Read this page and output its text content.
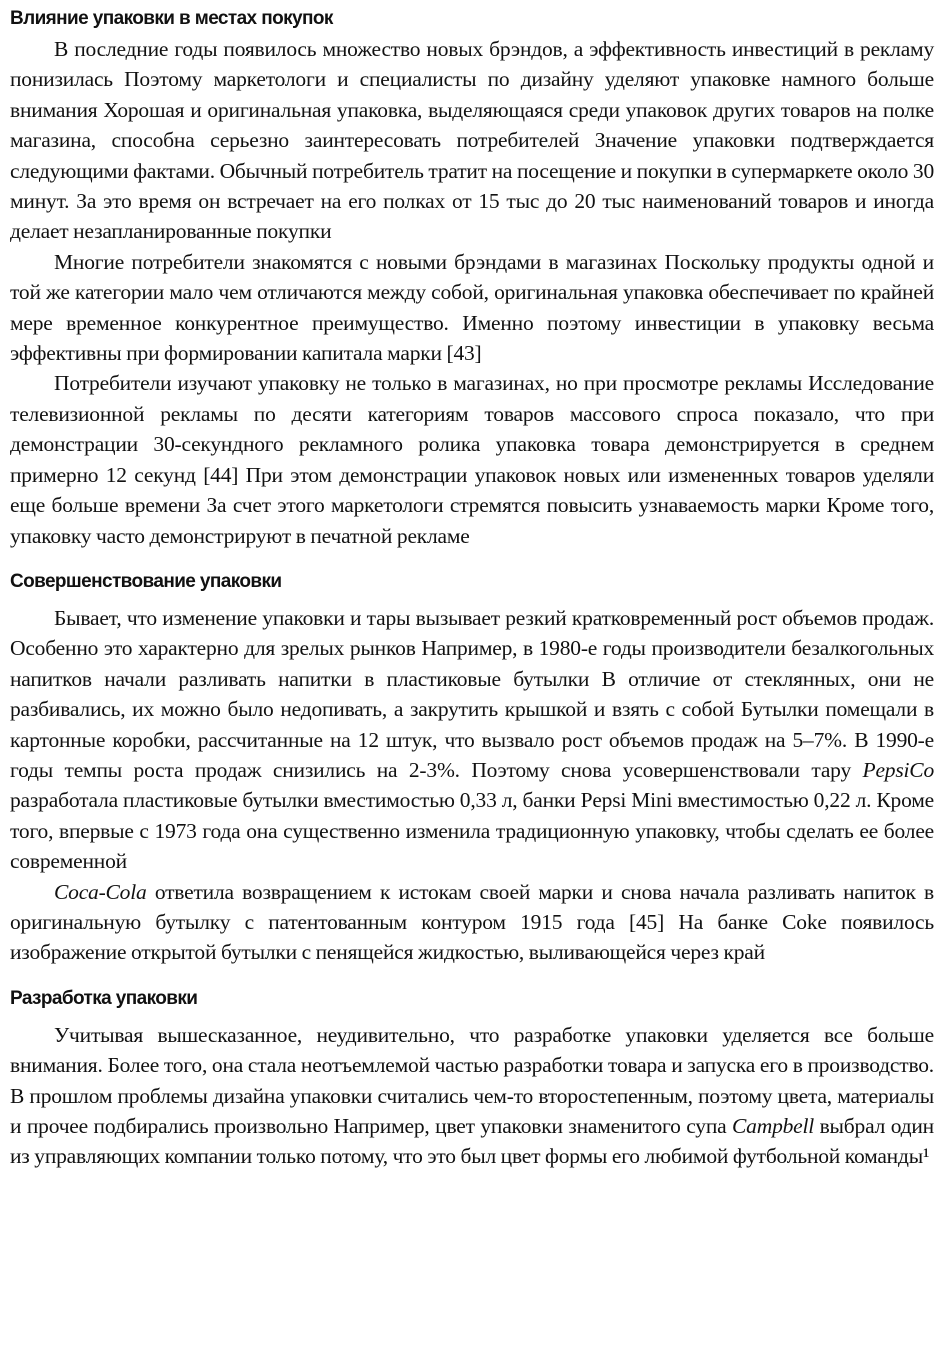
Влияние упаковки в местах покупок

В последние годы появилось множество новых брэндов, а эффективность инвестиций в рекламу понизилась Поэтому маркетологи и специалисты по дизайну уделяют упаковке намного больше внимания Хорошая и оригинальная упаковка, выделяющаяся среди упаковок других товаров на полке магазина, способна серьезно заинтересовать потребителей Значение упаковки подтверждается следующими фактами. Обычный потребитель тратит на посещение и покупки в супермаркете около 30 минут. За это время он встречает на его полках от 15 тыс до 20 тыс наименований товаров и иногда делает незапланированные покупки

Многие потребители знакомятся с новыми брэндами в магазинах Поскольку продукты одной и той же категории мало чем отличаются между собой, оригинальная упаковка обеспечивает по крайней мере временное конкурентное преимущество. Именно поэтому инвестиции в упаковку весьма эффективны при формировании капитала марки [43]

Потребители изучают упаковку не только в магазинах, но при просмотре рекламы Исследование телевизионной рекламы по десяти категориям товаров массового спроса показало, что при демонстрации 30-секундного рекламного ролика упаковка товара демонстрируется в среднем примерно 12 секунд [44] При этом демонстрации упаковок новых или измененных товаров уделяли еще больше времени За счет этого маркетологи стремятся повысить узнаваемость марки Кроме того, упаковку часто демонстрируют в печатной рекламе

Совершенствование упаковки

Бывает, что изменение упаковки и тары вызывает резкий кратковременный рост объемов продаж. Особенно это характерно для зрелых рынков Например, в 1980-е годы производители безалкогольных напитков начали разливать напитки в пластиковые бутылки В отличие от стеклянных, они не разбивались, их можно было недопивать, а закрутить крышкой и взять с собой Бутылки помещали в картонные коробки, рассчитанные на 12 штук, что вызвало рост объемов продаж на 5–7%. В 1990-е годы темпы роста продаж снизились на 2-3%. Поэтому снова усовершенствовали тару PepsiCo разработала пластиковые бутылки вместимостью 0,33 л, банки Pepsi Mini вместимостью 0,22 л. Кроме того, впервые с 1973 года она существенно изменила традиционную упаковку, чтобы сделать ее более современной

Coca-Cola ответила возвращением к истокам своей марки и снова начала разливать напиток в оригинальную бутылку с патентованным контуром 1915 года [45] На банке Coke появилось изображение открытой бутылки с пенящейся жидкостью, выливающейся через край

Разработка упаковки

Учитывая вышесказанное, неудивительно, что разработке упаковки уделяется все больше внимания. Более того, она стала неотъемлемой частью разработки товара и запуска его в производство. В прошлом проблемы дизайна упаковки считались чем-то второстепенным, поэтому цвета, материалы и прочее подбирались произвольно Например, цвет упаковки знаменитого супа Campbell выбрал один из управляющих компании только потому, что это был цвет формы его любимой футбольной команды¹
